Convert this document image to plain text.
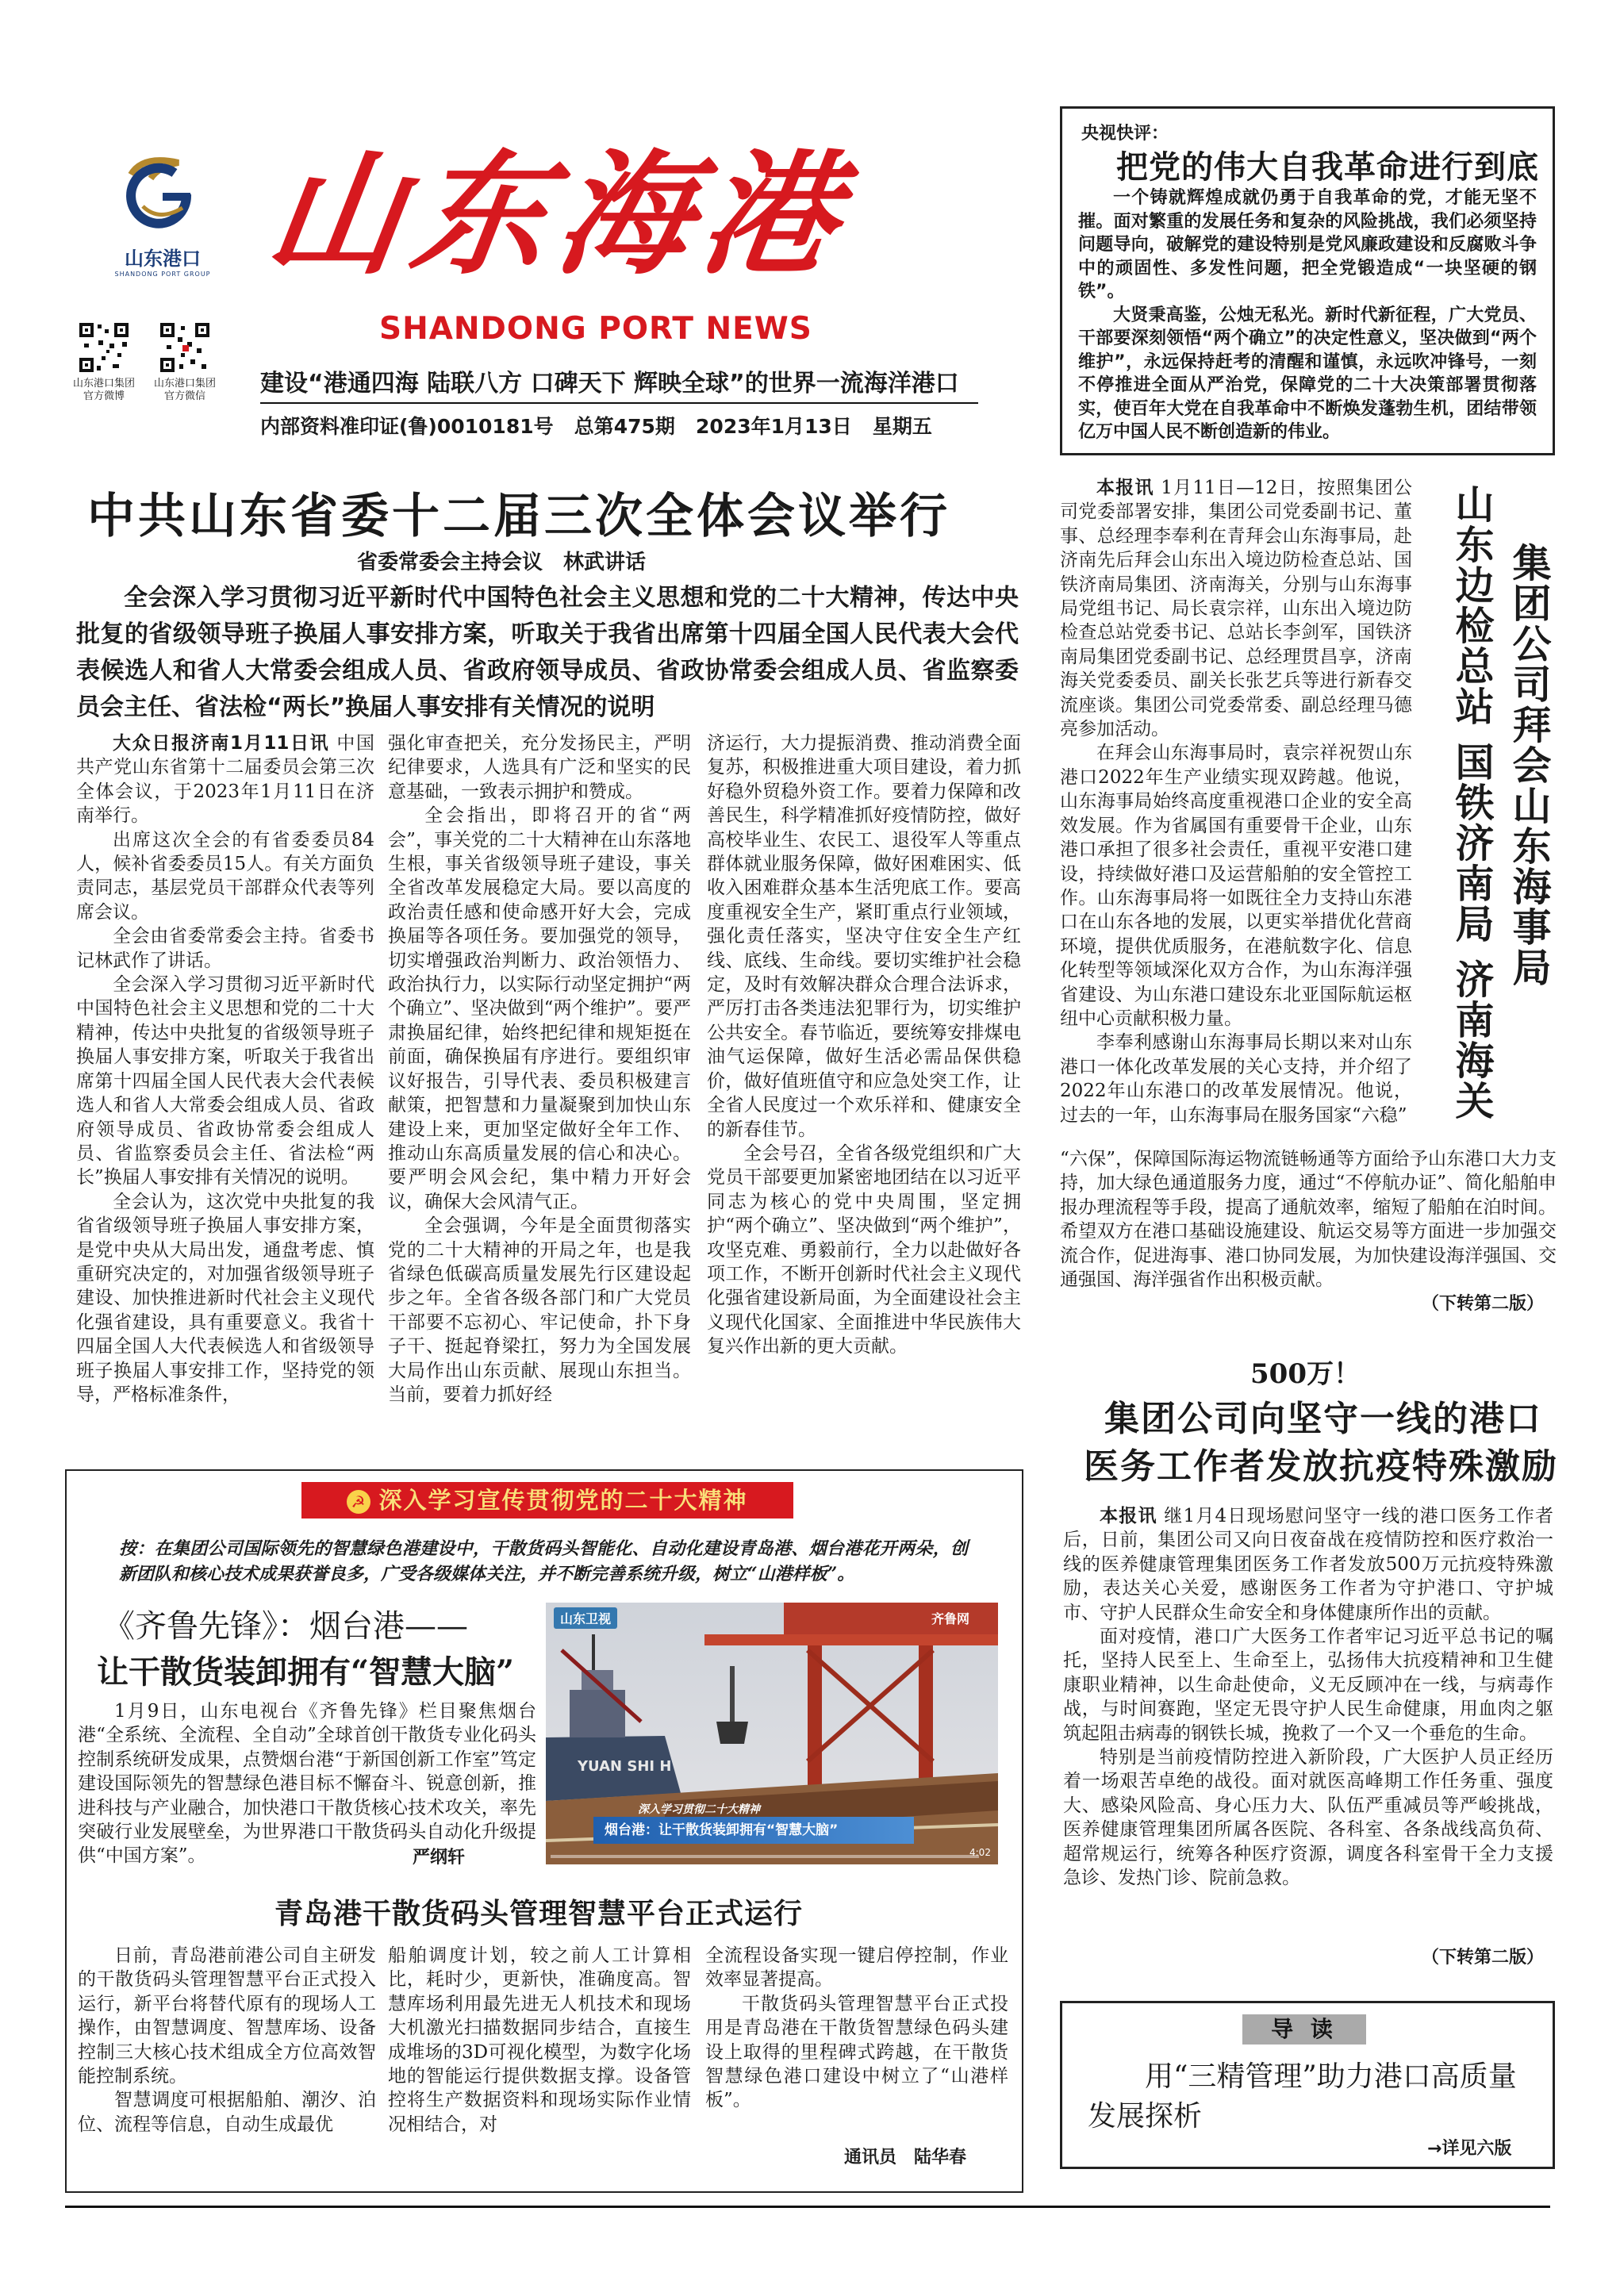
山东港口
SHANDONG PORT GROUP 山东海港
SHANDONG PORT NEWS
山东港口集团官方微博
山东港口集团官方微信	建设“港通四海 陆联八方 口碑天下 辉映全球”的世界一流海洋港口
内部资料准印证(鲁)0010181号   总第475期   2023年1月13日   星期五
央视快评：
把党的伟大自我革命进行到底

一个铸就辉煌成就仍勇于自我革命的党，才能无坚不摧。面对繁重的发展任务和复杂的风险挑战，我们必须坚持问题导向，破解党的建设特别是党风廉政建设和反腐败斗争中的顽固性、多发性问题，把全党锻造成“一块坚硬的钢铁”。

大贤秉高鉴，公烛无私光。新时代新征程，广大党员、干部要深刻领悟“两个确立”的决定性意义，坚决做到“两个维护”，永远保持赶考的清醒和谨慎，永远吹冲锋号，一刻不停推进全面从严治党，保障党的二十大决策部署贯彻落实，使百年大党在自我革命中不断焕发蓬勃生机，团结带领亿万中国人民不断创造新的伟业。

中共山东省委十二届三次全体会议举行
省委常委会主持会议　林武讲话
全会深入学习贯彻习近平新时代中国特色社会主义思想和党的二十大精神，传达中央批复的省级领导班子换届人事安排方案，听取关于我省出席第十四届全国人民代表大会代表候选人和省人大常委会组成人员、省政府领导成员、省政协常委会组成人员、省监察委员会主任、省法检“两长”换届人事安排有关情况的说明

大众日报济南1月11日讯 中国共产党山东省第十二届委员会第三次全体会议，于2023年1月11日在济南举行。

出席这次全会的有省委委员84人，候补省委委员15人。有关方面负责同志，基层党员干部群众代表等列席会议。

全会由省委常委会主持。省委书记林武作了讲话。

全会深入学习贯彻习近平新时代中国特色社会主义思想和党的二十大精神，传达中央批复的省级领导班子换届人事安排方案，听取关于我省出席第十四届全国人民代表大会代表候选人和省人大常委会组成人员、省政府领导成员、省政协常委会组成人员、省监察委员会主任、省法检“两长”换届人事安排有关情况的说明。

全会认为，这次党中央批复的我省省级领导班子换届人事安排方案，是党中央从大局出发，通盘考虑、慎重研究决定的，对加强省级领导班子建设、加快推进新时代社会主义现代化强省建设，具有重要意义。我省十四届全国人大代表候选人和省级领导班子换届人事安排工作，坚持党的领导，严格标准条件，

强化审查把关，充分发扬民主，严明纪律要求，人选具有广泛和坚实的民意基础，一致表示拥护和赞成。

全会指出，即将召开的省“两会”，事关党的二十大精神在山东落地生根，事关省级领导班子建设，事关全省改革发展稳定大局。要以高度的政治责任感和使命感开好大会，完成换届等各项任务。要加强党的领导，切实增强政治判断力、政治领悟力、政治执行力，以实际行动坚定拥护“两个确立”、坚决做到“两个维护”。要严肃换届纪律，始终把纪律和规矩挺在前面，确保换届有序进行。要组织审议好报告，引导代表、委员积极建言献策，把智慧和力量凝聚到加快山东建设上来，更加坚定做好全年工作、推动山东高质量发展的信心和决心。要严明会风会纪，集中精力开好会议，确保大会风清气正。

全会强调，今年是全面贯彻落实党的二十大精神的开局之年，也是我省绿色低碳高质量发展先行区建设起步之年。全省各级各部门和广大党员干部要不忘初心、牢记使命，扑下身子干、挺起脊梁扛，努力为全国发展大局作出山东贡献、展现山东担当。当前，要着力抓好经

济运行，大力提振消费、推动消费全面复苏，积极推进重大项目建设，着力抓好稳外贸稳外资工作。要着力保障和改善民生，科学精准抓好疫情防控，做好高校毕业生、农民工、退役军人等重点群体就业服务保障，做好困难困实、低收入困难群众基本生活兜底工作。要高度重视安全生产，紧盯重点行业领域，强化责任落实，坚决守住安全生产红线、底线、生命线。要切实维护社会稳定，及时有效解决群众合理合法诉求，严厉打击各类违法犯罪行为，切实维护公共安全。春节临近，要统筹安排煤电油气运保障，做好生活必需品保供稳价，做好值班值守和应急处突工作，让全省人民度过一个欢乐祥和、健康安全的新春佳节。

全会号召，全省各级党组织和广大党员干部要更加紧密地团结在以习近平同志为核心的党中央周围，坚定拥护“两个确立”、坚决做到“两个维护”，攻坚克难、勇毅前行，全力以赴做好各项工作，不断开创新时代社会主义现代化强省建设新局面，为全面建设社会主义现代化国家、全面推进中华民族伟大复兴作出新的更大贡献。

本报讯 1月11日—12日，按照集团公司党委部署安排，集团公司党委副书记、董事、总经理李奉利在青拜会山东海事局，赴济南先后拜会山东出入境边防检查总站、国铁济南局集团、济南海关，分别与山东海事局党组书记、局长袁宗祥，山东出入境边防检查总站党委书记、总站长李剑军，国铁济南局集团党委副书记、总经理贯昌享，济南海关党委委员、副关长张艺兵等进行新春交流座谈。集团公司党委常委、副总经理马德亮参加活动。

在拜会山东海事局时，袁宗祥祝贺山东港口2022年生产业绩实现双跨越。他说，山东海事局始终高度重视港口企业的安全高效发展。作为省属国有重要骨干企业，山东港口承担了很多社会责任，重视平安港口建设，持续做好港口及运营船舶的安全管控工作。山东海事局将一如既往全力支持山东港口在山东各地的发展，以更实举措优化营商环境，提供优质服务，在港航数字化、信息化转型等领域深化双方合作，为山东海洋强省建设、为山东港口建设东北亚国际航运枢纽中心贡献积极力量。

李奉利感谢山东海事局长期以来对山东港口一体化改革发展的关心支持，并介绍了2022年山东港口的改革发展情况。他说，过去的一年，山东海事局在服务国家“六稳”

集团公司拜会山东海事局
山东边检总站 国铁济南局 济南海关

“六保”，保障国际海运物流链畅通等方面给予山东港口大力支持，加大绿色通道服务力度，通过“不停航办证”、简化船舶申报办理流程等手段，提高了通航效率，缩短了船舶在泊时间。希望双方在港口基础设施建设、航运交易等方面进一步加强交流合作，促进海事、港口协同发展，为加快建设海洋强国、交通强国、海洋强省作出积极贡献。

（下转第二版）
500万！
集团公司向坚守一线的港口
医务工作者发放抗疫特殊激励

本报讯 继1月4日现场慰问坚守一线的港口医务工作者后，日前，集团公司又向日夜奋战在疫情防控和医疗救治一线的医养健康管理集团医务工作者发放500万元抗疫特殊激励，表达关心关爱，感谢医务工作者为守护港口、守护城市、守护人民群众生命安全和身体健康所作出的贡献。

面对疫情，港口广大医务工作者牢记习近平总书记的嘱托，坚持人民至上、生命至上，弘扬伟大抗疫精神和卫生健康职业精神，以生命赴使命，义无反顾冲在一线，与病毒作战，与时间赛跑，坚定无畏守护人民生命健康，用血肉之躯筑起阻击病毒的钢铁长城，挽救了一个又一个垂危的生命。

特别是当前疫情防控进入新阶段，广大医护人员正经历着一场艰苦卓绝的战役。面对就医高峰期工作任务重、强度大、感染风险高、身心压力大、队伍严重减员等严峻挑战，医养健康管理集团所属各医院、各科室、各条战线高负荷、超常规运行，统筹各种医疗资源，调度各科室骨干全力支援急诊、发热门诊、院前急救。

（下转第二版）
导 读
用“三精管理”助力港口高质量发展探析
→详见六版
☭ 深入学习宣传贯彻党的二十大精神
按：在集团公司国际领先的智慧绿色港建设中，干散货码头智能化、自动化建设青岛港、烟台港花开两朵，创新团队和核心技术成果获誉良多，广受各级媒体关注，并不断完善系统升级，树立“山港样板”。
《齐鲁先锋》：烟台港——
让干散货装卸拥有“智慧大脑”

1月9日，山东电视台《齐鲁先锋》栏目聚焦烟台港“全系统、全流程、全自动”全球首创干散货专业化码头控制系统研发成果，点赞烟台港“于新国创新工作室”笃定建设国际领先的智慧绿色港目标不懈奋斗、锐意创新，推进科技与产业融合，加快港口干散货核心技术攻关，率先突破行业发展壁垒，为世界港口干散货码头自动化升级提供“中国方案”。	严纲轩
山东卫视	齐鲁网
YUAN SHI H
深入学习贯彻二十大精神
烟台港：让干散货装卸拥有“智慧大脑”
4:02
青岛港干散货码头管理智慧平台正式运行

日前，青岛港前港公司自主研发的干散货码头管理智慧平台正式投入运行，新平台将替代原有的现场人工操作，由智慧调度、智慧库场、设备控制三大核心技术组成全方位高效智能控制系统。

智慧调度可根据船舶、潮汐、泊位、流程等信息，自动生成最优

船舶调度计划，较之前人工计算相比，耗时少，更新快，准确度高。智慧库场利用最先进无人机技术和现场大机激光扫描数据同步结合，直接生成堆场的3D可视化模型，为数字化场地的智能运行提供数据支撑。设备管控将生产数据资料和现场实际作业情况相结合，对

全流程设备实现一键启停控制，作业效率显著提高。

干散货码头管理智慧平台正式投用是青岛港在干散货智慧绿色码头建设上取得的里程碑式跨越，在干散货智慧绿色港口建设中树立了“山港样板”。

通讯员　陆华春
